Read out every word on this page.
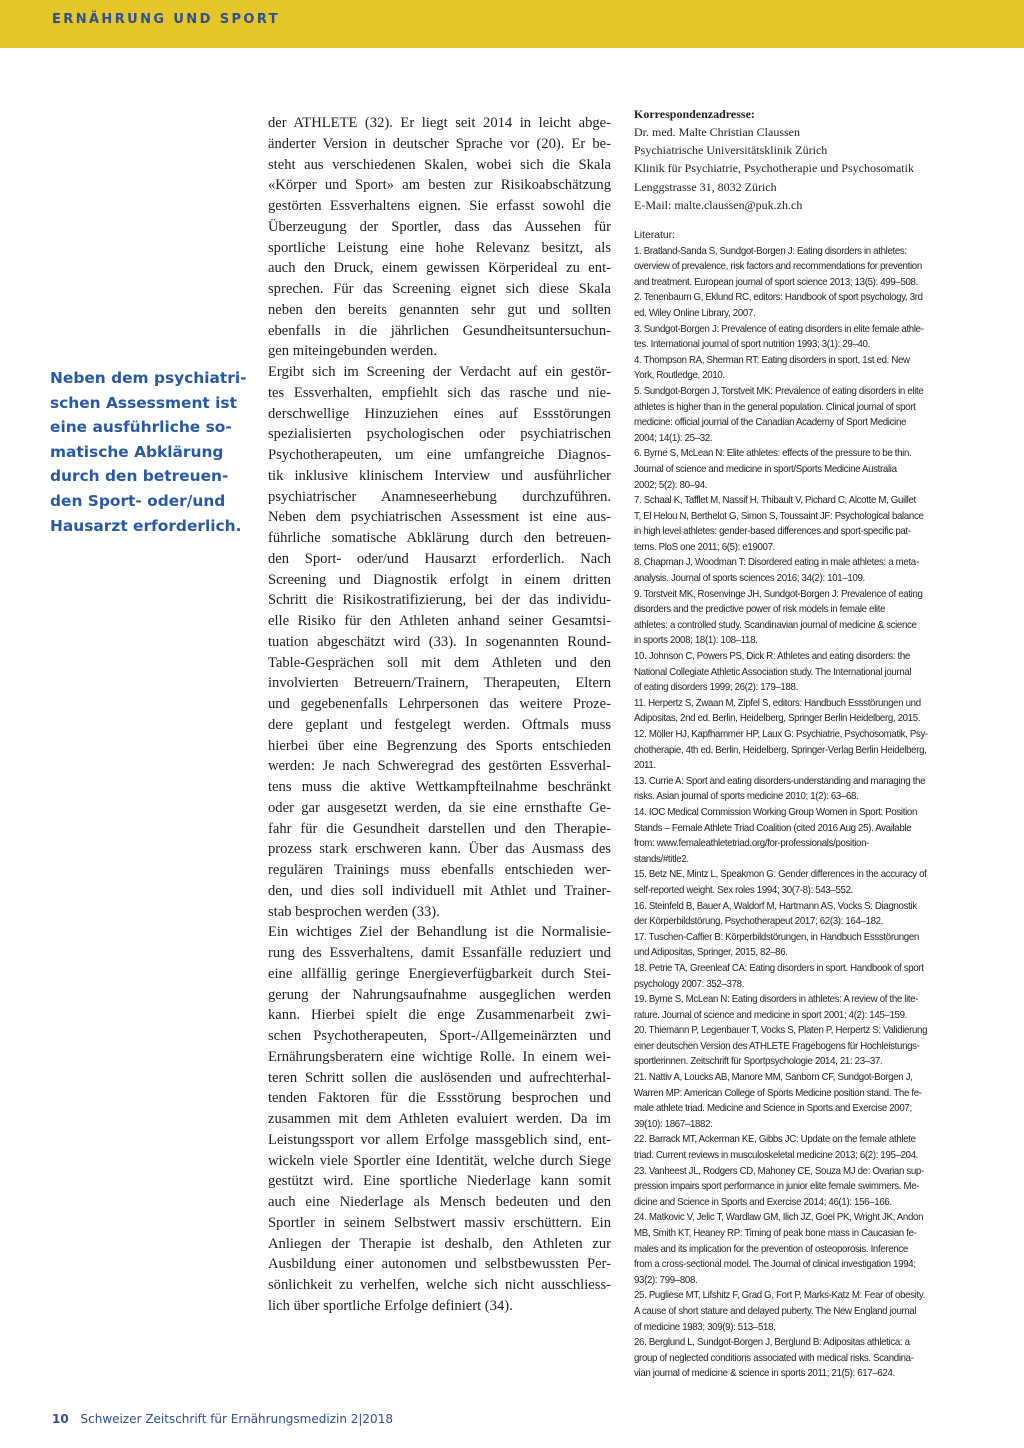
ERNÄHRUNG UND SPORT
Neben dem psychiatri-
schen Assessment ist
eine ausführliche so-
matische Abklärung
durch den betreuen-
den Sport- oder/und
Hausarzt erforderlich.
der ATHLETE (32). Er liegt seit 2014 in leicht abge-
änderter Version in deutscher Sprache vor (20). Er be-
steht aus verschiedenen Skalen, wobei sich die Skala
«Körper und Sport» am besten zur Risikoabschätzung
gestörten Essverhaltens eignen. Sie erfasst sowohl die
Überzeugung der Sportler, dass das Aussehen für
sportliche Leistung eine hohe Relevanz besitzt, als
auch den Druck, einem gewissen Körperideal zu ent-
sprechen. Für das Screening eignet sich diese Skala
neben den bereits genannten sehr gut und sollten
ebenfalls in die jährlichen Gesundheitsuntersuchun-
gen miteingebunden werden.
Ergibt sich im Screening der Verdacht auf ein gestör-
tes Essverhalten, empfiehlt sich das rasche und nie-
derschwellige Hinzuziehen eines auf Essstörungen
spezialisierten psychologischen oder psychiatrischen
Psychotherapeuten, um eine umfangreiche Diagnos-
tik inklusive klinischem Interview und ausführlicher
psychiatrischer Anamneseerhebung durchzuführen.
Neben dem psychiatrischen Assessment ist eine aus-
führliche somatische Abklärung durch den betreuen-
den Sport- oder/und Hausarzt erforderlich. Nach
Screening und Diagnostik erfolgt in einem dritten
Schritt die Risikostratifizierung, bei der das individu-
elle Risiko für den Athleten anhand seiner Gesamtsi-
tuation abgeschätzt wird (33). In sogenannten Round-
Table-Gesprächen soll mit dem Athleten und den
involvierten Betreuern/Trainern, Therapeuten, Eltern
und gegebenenfalls Lehrpersonen das weitere Proze-
dere geplant und festgelegt werden. Oftmals muss
hierbei über eine Begrenzung des Sports entschieden
werden: Je nach Schweregrad des gestörten Essverhal-
tens muss die aktive Wettkampfteilnahme beschränkt
oder gar ausgesetzt werden, da sie eine ernsthafte Ge-
fahr für die Gesundheit darstellen und den Therapie-
prozess stark erschweren kann. Über das Ausmass des
regulären Trainings muss ebenfalls entschieden wer-
den, und dies soll individuell mit Athlet und Trainer-
stab besprochen werden (33).
Ein wichtiges Ziel der Behandlung ist die Normalisie-
rung des Essverhaltens, damit Essanfälle reduziert und
eine allfällig geringe Energieverfügbarkeit durch Stei-
gerung der Nahrungsaufnahme ausgeglichen werden
kann. Hierbei spielt die enge Zusammenarbeit zwi-
schen Psychotherapeuten, Sport-/Allgemeinärzten und
Ernährungsberatern eine wichtige Rolle. In einem wei-
teren Schritt sollen die auslösenden und aufrechterhal-
tenden Faktoren für die Essstörung besprochen und
zusammen mit dem Athleten evaluiert werden. Da im
Leistungssport vor allem Erfolge massgeblich sind, ent-
wickeln viele Sportler eine Identität, welche durch Siege
gestützt wird. Eine sportliche Niederlage kann somit
auch eine Niederlage als Mensch bedeuten und den
Sportler in seinem Selbstwert massiv erschüttern. Ein
Anliegen der Therapie ist deshalb, den Athleten zur
Ausbildung einer autonomen und selbstbewussten Per-
sönlichkeit zu verhelfen, welche sich nicht ausschliess-
lich über sportliche Erfolge definiert (34).
Korrespondenzadresse:
Dr. med. Malte Christian Claussen
Psychiatrische Universitätsklinik Zürich
Klinik für Psychiatrie, Psychotherapie und Psychosomatik
Lenggstrasse 31, 8032 Zürich
E-Mail: malte.claussen@puk.zh.ch
Literatur:
1. Bratland-Sanda S, Sundgot-Borgen J: Eating disorders in athletes:
overview of prevalence, risk factors and recommendations for prevention
and treatment. European journal of sport science 2013; 13(5): 499–508.
2. Tenenbaum G, Eklund RC, editors: Handbook of sport psychology, 3rd
ed. Wiley Online Library, 2007.
3. Sundgot-Borgen J: Prevalence of eating disorders in elite female athle-
tes. International journal of sport nutrition 1993; 3(1): 29–40.
4. Thompson RA, Sherman RT: Eating disorders in sport, 1st ed. New
York, Routledge, 2010.
5. Sundgot-Borgen J, Torstveit MK: Prevalence of eating disorders in elite
athletes is higher than in the general population. Clinical journal of sport
medicine: official journal of the Canadian Academy of Sport Medicine
2004; 14(1): 25–32.
6. Byrne S, McLean N: Elite athletes: effects of the pressure to be thin.
Journal of science and medicine in sport/Sports Medicine Australia
2002; 5(2): 80–94.
7. Schaal K, Tafflet M, Nassif H, Thibault V, Pichard C, Alcotte M, Guillet
T, El Helou N, Berthelot G, Simon S, Toussaint JF: Psychological balance
in high level athletes: gender-based differences and sport-specific pat-
terns. PloS one 2011; 6(5): e19007.
8. Chapman J, Woodman T: Disordered eating in male athletes: a meta-
analysis. Journal of sports sciences 2016; 34(2): 101–109.
9. Torstveit MK, Rosenvinge JH, Sundgot-Borgen J: Prevalence of eating
disorders and the predictive power of risk models in female elite
athletes: a controlled study. Scandinavian journal of medicine & science
in sports 2008; 18(1): 108–118.
10. Johnson C, Powers PS, Dick R: Athletes and eating disorders: the
National Collegiate Athletic Association study. The International journal
of eating disorders 1999; 26(2): 179–188.
11. Herpertz S, Zwaan M, Zipfel S, editors: Handbuch Essstörungen und
Adipositas, 2nd ed. Berlin, Heidelberg, Springer Berlin Heidelberg, 2015.
12. Möller HJ, Kapfhammer HP, Laux G: Psychiatrie, Psychosomatik, Psy-
chotherapie, 4th ed. Berlin, Heidelberg, Springer-Verlag Berlin Heidelberg,
2011.
13. Currie A: Sport and eating disorders-understanding and managing the
risks. Asian journal of sports medicine 2010; 1(2): 63–68.
14. IOC Medical Commission Working Group Women in Sport: Position
Stands – Female Athlete Triad Coalition (cited 2016 Aug 25). Available
from: www.femaleathletetriad.org/for-professionals/position-
stands/#title2.
15. Betz NE, Mintz L, Speakmon G: Gender differences in the accuracy of
self-reported weight. Sex roles 1994; 30(7-8): 543–552.
16. Steinfeld B, Bauer A, Waldorf M, Hartmann AS, Vocks S: Diagnostik
der Körperbildstörung. Psychotherapeut 2017; 62(3): 164–182.
17. Tuschen-Caffier B: Körperbildstörungen, in Handbuch Essstörungen
und Adipositas, Springer, 2015, 82–86.
18. Petrie TA, Greenleaf CA: Eating disorders in sport. Handbook of sport
psychology 2007: 352–378.
19. Byrne S, McLean N: Eating disorders in athletes: A review of the lite-
rature. Journal of science and medicine in sport 2001; 4(2): 145–159.
20. Thiemann P, Legenbauer T, Vocks S, Platen P, Herpertz S: Validierung
einer deutschen Version des ATHLETE Fragebogens für Hochleistungs-
sportlerinnen. Zeitschrift für Sportpsychologie 2014, 21: 23–37.
21. Nattiv A, Loucks AB, Manore MM, Sanborn CF, Sundgot-Borgen J,
Warren MP: American College of Sports Medicine position stand. The fe-
male athlete triad. Medicine and Science in Sports and Exercise 2007;
39(10): 1867–1882.
22. Barrack MT, Ackerman KE, Gibbs JC: Update on the female athlete
triad. Current reviews in musculoskeletal medicine 2013; 6(2): 195–204.
23. Vanheest JL, Rodgers CD, Mahoney CE, Souza MJ de: Ovarian sup-
pression impairs sport performance in junior elite female swimmers. Me-
dicine and Science in Sports and Exercise 2014; 46(1): 156–166.
24. Matkovic V, Jelic T, Wardlaw GM, Ilich JZ, Goel PK, Wright JK, Andon
MB, Smith KT, Heaney RP: Timing of peak bone mass in Caucasian fe-
males and its implication for the prevention of osteoporosis. Inference
from a cross-sectional model. The Journal of clinical investigation 1994;
93(2): 799–808.
25. Pugliese MT, Lifshitz F, Grad G, Fort P, Marks-Katz M: Fear of obesity.
A cause of short stature and delayed puberty. The New England journal
of medicine 1983; 309(9): 513–518.
26. Berglund L, Sundgot-Borgen J, Berglund B: Adipositas athletica: a
group of neglected conditions associated with medical risks. Scandina-
vian journal of medicine & science in sports 2011; 21(5): 617–624.
10 Schweizer Zeitschrift für Ernährungsmedizin 2|2018
